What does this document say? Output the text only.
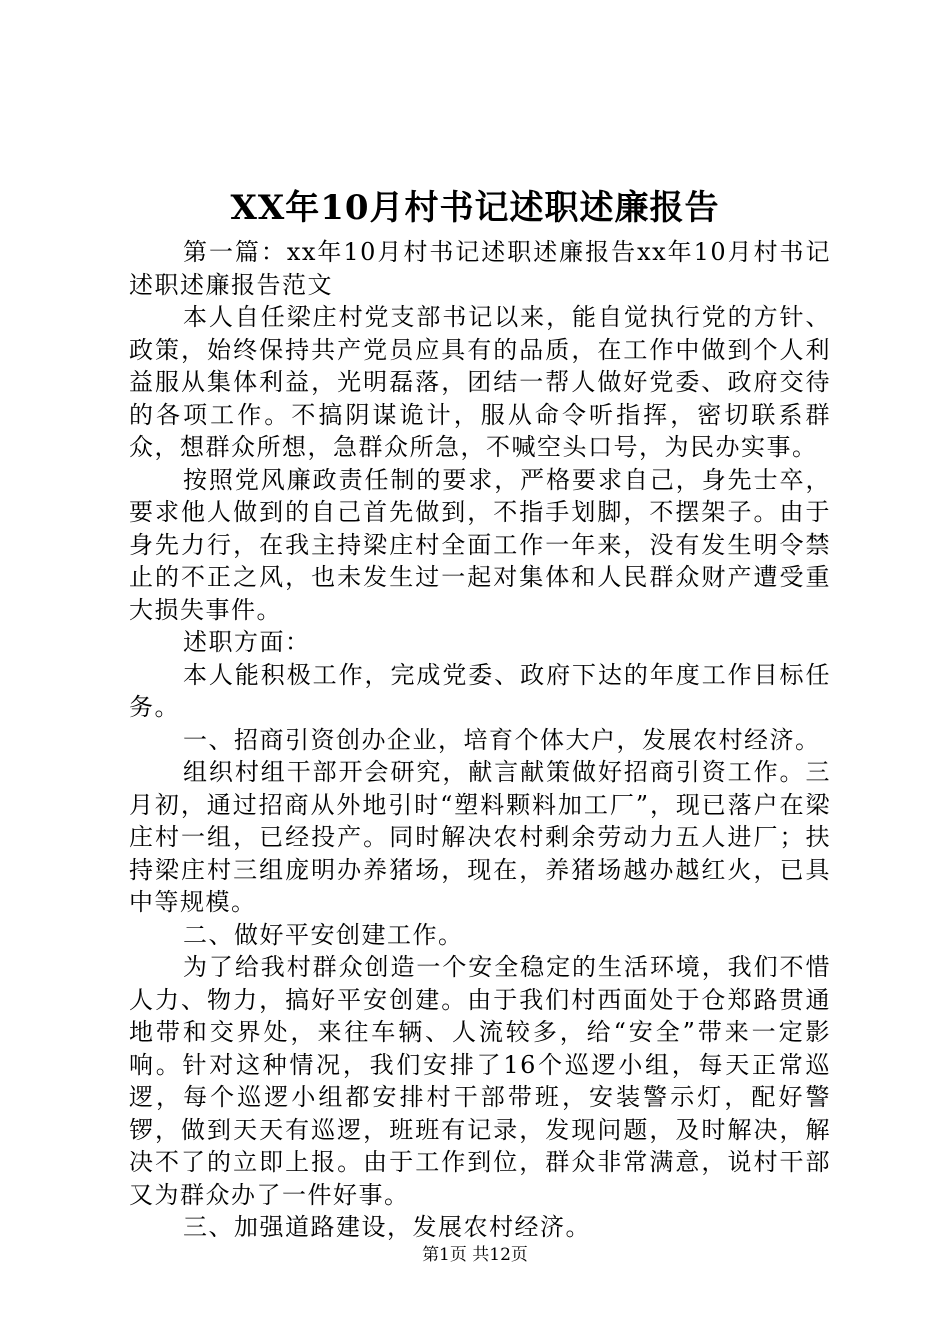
XX年10月村书记述职述廉报告

第一篇：xx年10月村书记述职述廉报告xx年10月村书记述职述廉报告范文

本人自任梁庄村党支部书记以来，能自觉执行党的方针、政策，始终保持共产党员应具有的品质，在工作中做到个人利益服从集体利益，光明磊落，团结一帮人做好党委、政府交待的各项工作。不搞阴谋诡计，服从命令听指挥，密切联系群众，想群众所想，急群众所急，不喊空头口号，为民办实事。

按照党风廉政责任制的要求，严格要求自己，身先士卒，要求他人做到的自己首先做到，不指手划脚，不摆架子。由于身先力行，在我主持梁庄村全面工作一年来，没有发生明令禁止的不正之风，也未发生过一起对集体和人民群众财产遭受重大损失事件。

述职方面：

本人能积极工作，完成党委、政府下达的年度工作目标任务。

一、招商引资创办企业，培育个体大户，发展农村经济。

组织村组干部开会研究，献言献策做好招商引资工作。三月初，通过招商从外地引时“塑料颗料加工厂”，现已落户在梁庄村一组，已经投产。同时解决农村剩余劳动力五人进厂；扶持梁庄村三组庞明办养猪场，现在，养猪场越办越红火，已具中等规模。

二、做好平安创建工作。

为了给我村群众创造一个安全稳定的生活环境，我们不惜人力、物力，搞好平安创建。由于我们村西面处于仓郑路贯通地带和交界处，来往车辆、人流较多，给“安全”带来一定影响。针对这种情况，我们安排了16个巡逻小组，每天正常巡逻，每个巡逻小组都安排村干部带班，安装警示灯，配好警锣，做到天天有巡逻，班班有记录，发现问题，及时解决，解决不了的立即上报。由于工作到位，群众非常满意，说村干部又为群众办了一件好事。

三、加强道路建设，发展农村经济。

第1页 共12页
